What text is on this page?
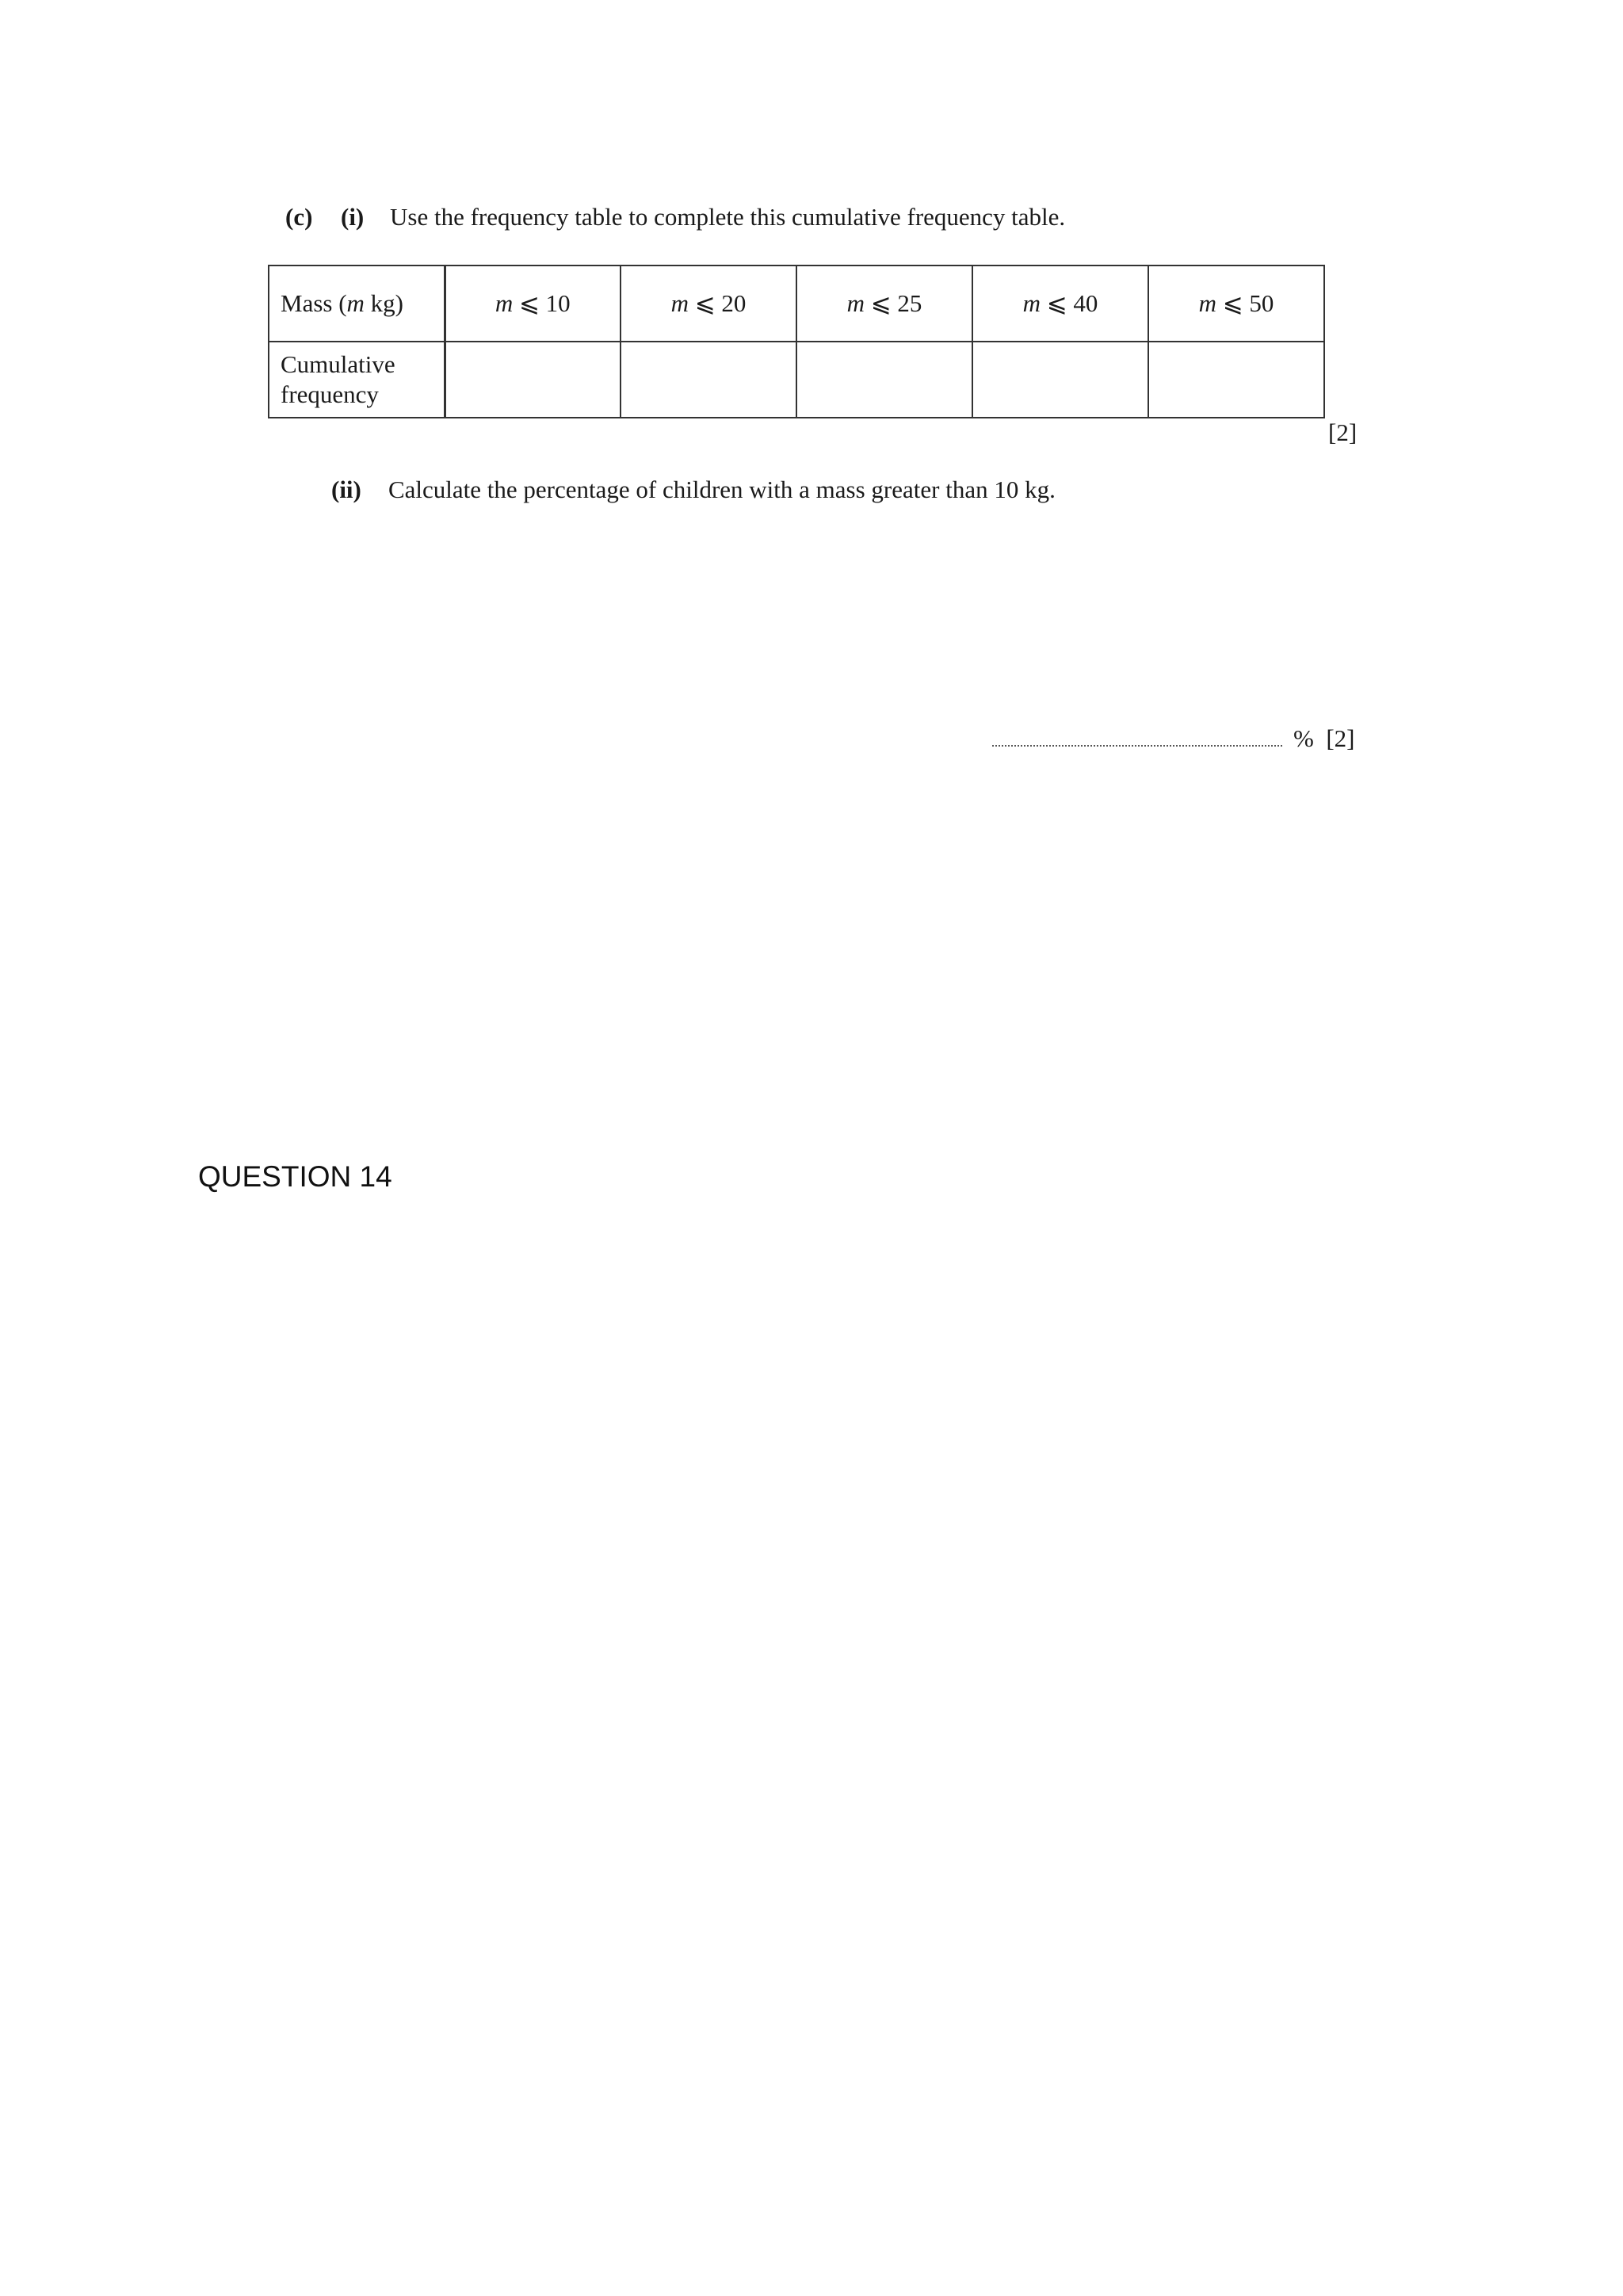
(c) (i) Use the frequency table to complete this cumulative frequency table.
Mass (m kg)	m ⩽ 10	m ⩽ 20	m ⩽ 25	m ⩽ 40	m ⩽ 50
Cumulative
frequency					
[2]
(ii) Calculate the percentage of children with a mass greater than 10 kg.
% [2]
QUESTION 14
